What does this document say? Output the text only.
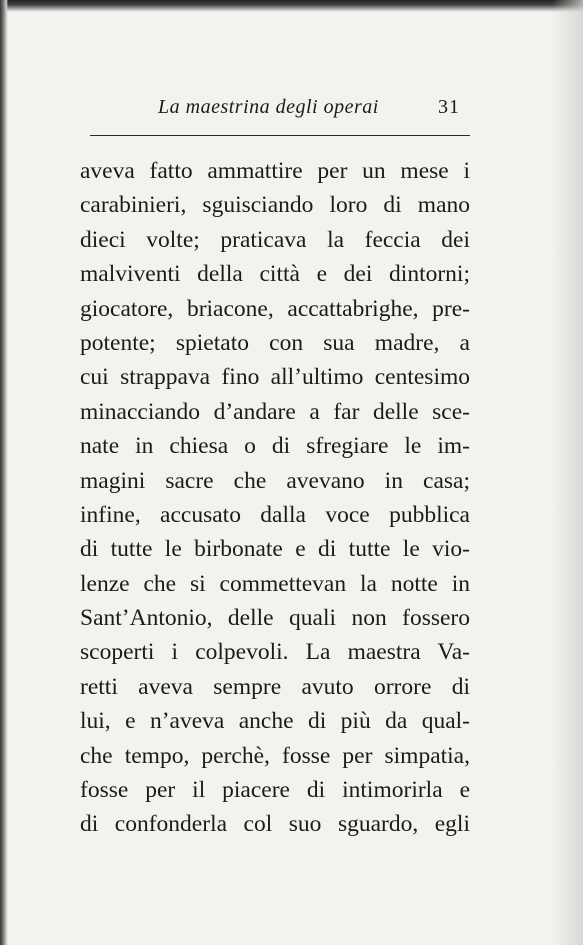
La maestrina degli operai	31
aveva fatto ammattire per un mese i
carabinieri, sguisciando loro di mano
dieci volte; praticava la feccia dei
malviventi della città e dei dintorni;
giocatore, briacone, accattabrighe, pre-
potente; spietato con sua madre, a
cui strappava fino all’ultimo centesimo
minacciando d’andare a far delle sce-
nate in chiesa o di sfregiare le im-
magini sacre che avevano in casa;
infine, accusato dalla voce pubblica
di tutte le birbonate e di tutte le vio-
lenze che si commettevan la notte in
Sant’Antonio, delle quali non fossero
scoperti i colpevoli. La maestra Va-
retti aveva sempre avuto orrore di
lui, e n’aveva anche di più da qual-
che tempo, perchè, fosse per simpatia,
fosse per il piacere di intimorirla e
di confonderla col suo sguardo, egli
